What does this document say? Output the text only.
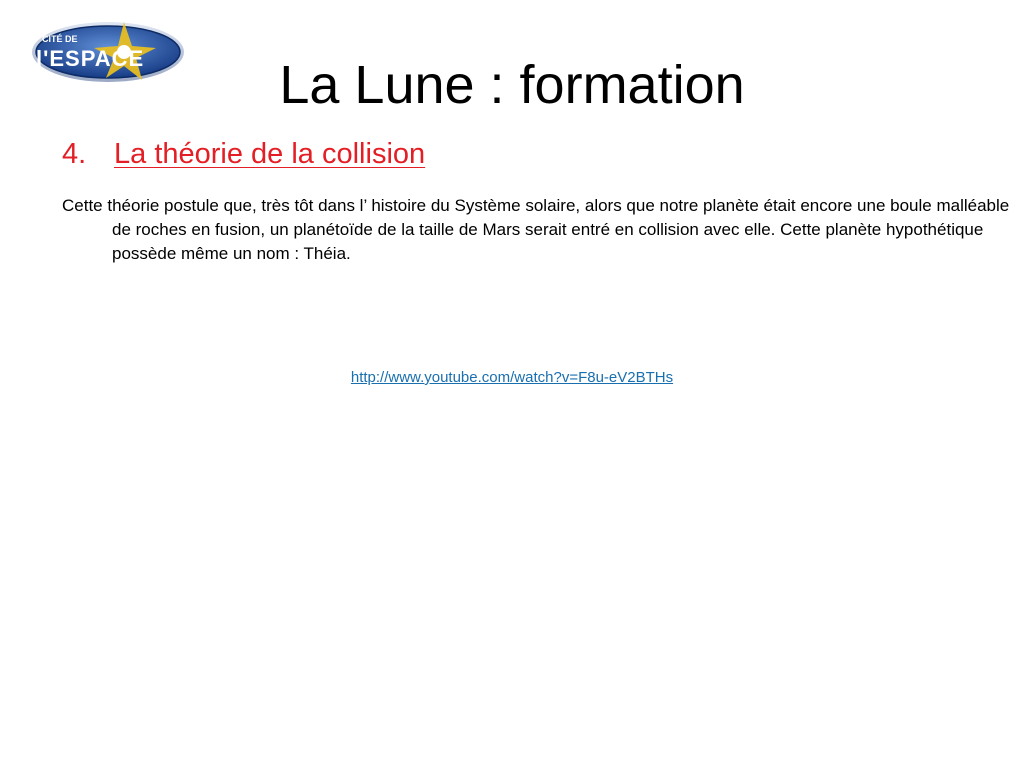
CITÉ DE
l'ESPACE	La Lune : formation
4. La théorie de la collision

Cette théorie postule que, très tôt dans l’ histoire du Système solaire, alors que notre planète était encore une boule malléable de roches en fusion, un planétoïde de la taille de Mars serait entré en collision avec elle. Cette planète hypothétique possède même un nom : Théia.

http://www.youtube.com/watch?v=F8u-eV2BTHs
